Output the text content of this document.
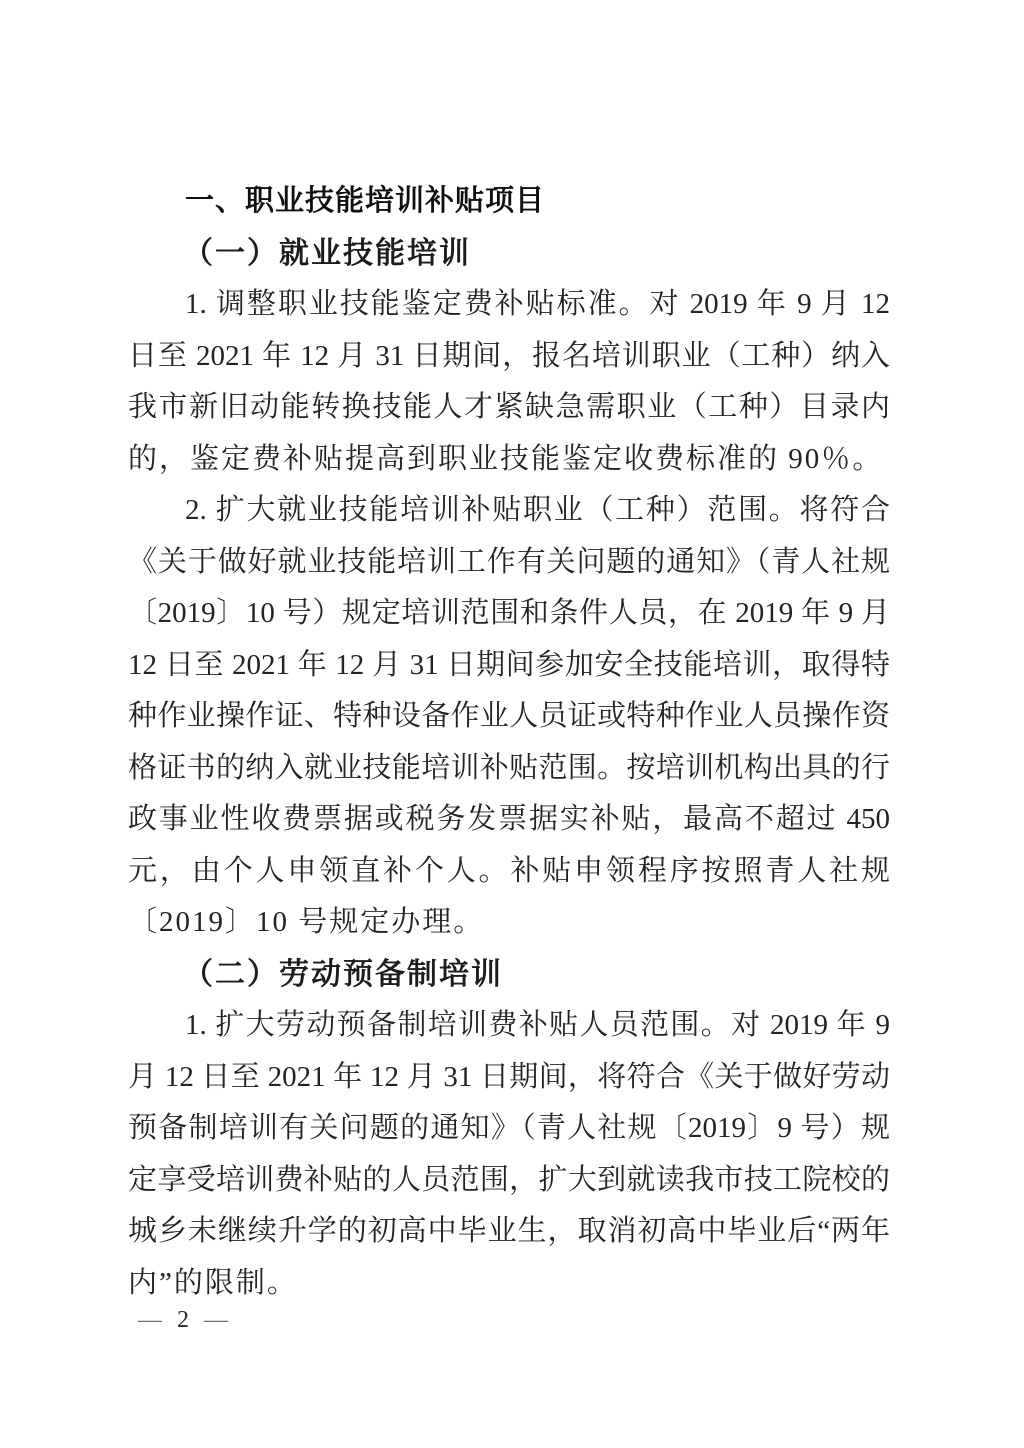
一、职业技能培训补贴项目
（一）就业技能培训
1. 调整职业技能鉴定费补贴标准。对 2019 年 9 月 12
日至 2021 年 12 月 31 日期间，报名培训职业（工种）纳入
我市新旧动能转换技能人才紧缺急需职业（工种）目录内
的，鉴定费补贴提高到职业技能鉴定收费标准的 90％。
2. 扩大就业技能培训补贴职业（工种）范围。将符合
《关于做好就业技能培训工作有关问题的通知》（青人社规
〔2019〕10 号）规定培训范围和条件人员，在 2019 年 9 月
12 日至 2021 年 12 月 31 日期间参加安全技能培训，取得特
种作业操作证、特种设备作业人员证或特种作业人员操作资
格证书的纳入就业技能培训补贴范围。按培训机构出具的行
政事业性收费票据或税务发票据实补贴，最高不超过 450
元，由个人申领直补个人。补贴申领程序按照青人社规
〔2019〕10 号规定办理。
（二）劳动预备制培训
1. 扩大劳动预备制培训费补贴人员范围。对 2019 年 9
月 12 日至 2021 年 12 月 31 日期间，将符合《关于做好劳动
预备制培训有关问题的通知》（青人社规〔2019〕9 号）规
定享受培训费补贴的人员范围，扩大到就读我市技工院校的
城乡未继续升学的初高中毕业生，取消初高中毕业后“两年
内”的限制。
— 2 —
